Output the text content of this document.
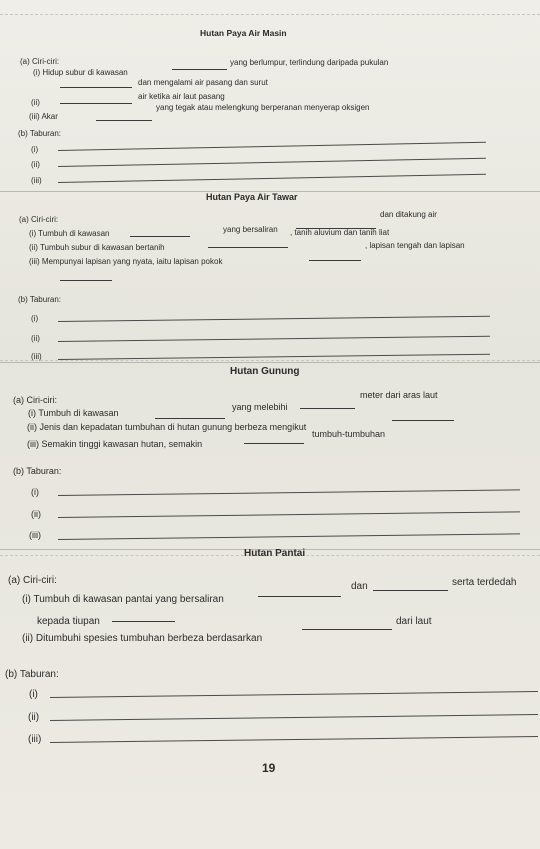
Hutan Paya Air Masin
(a) Ciri-ciri:
(i) Hidup subur di kawasan
yang berlumpur, terlindung daripada pukulan
dan mengalami air pasang dan surut
(ii)
air ketika air laut pasang
(iii) Akar
yang tegak atau melengkung berperanan menyerap oksigen
(b) Taburan:
(i)
(ii)
(iii)
Hutan Paya Air Tawar
(a) Ciri-ciri:
(i) Tumbuh di kawasan	yang bersaliran
dan ditakung air
(ii) Tumbuh subur di kawasan bertanih
, tanih aluvium dan tanih liat
(iii) Mempunyai lapisan yang nyata, iaitu lapisan pokok
, lapisan tengah dan lapisan
(b) Taburan:
(i)
(ii)
(iii)
Hutan Gunung
(a) Ciri-ciri:
(i) Tumbuh di kawasan
yang melebihi
meter dari aras laut
(ii) Jenis dan kepadatan tumbuhan di hutan gunung berbeza mengikut
(iii) Semakin tinggi kawasan hutan, semakin
tumbuh-tumbuhan
(b) Taburan:
(i)
(ii)
(iii)
Hutan Pantai
(a) Ciri-ciri:
(i) Tumbuh di kawasan pantai yang bersaliran
dan	serta terdedah
kepada tiupan
(ii) Ditumbuhi spesies tumbuhan berbeza berdasarkan
dari laut
(b) Taburan:
(i)
(ii)
(iii)
19
